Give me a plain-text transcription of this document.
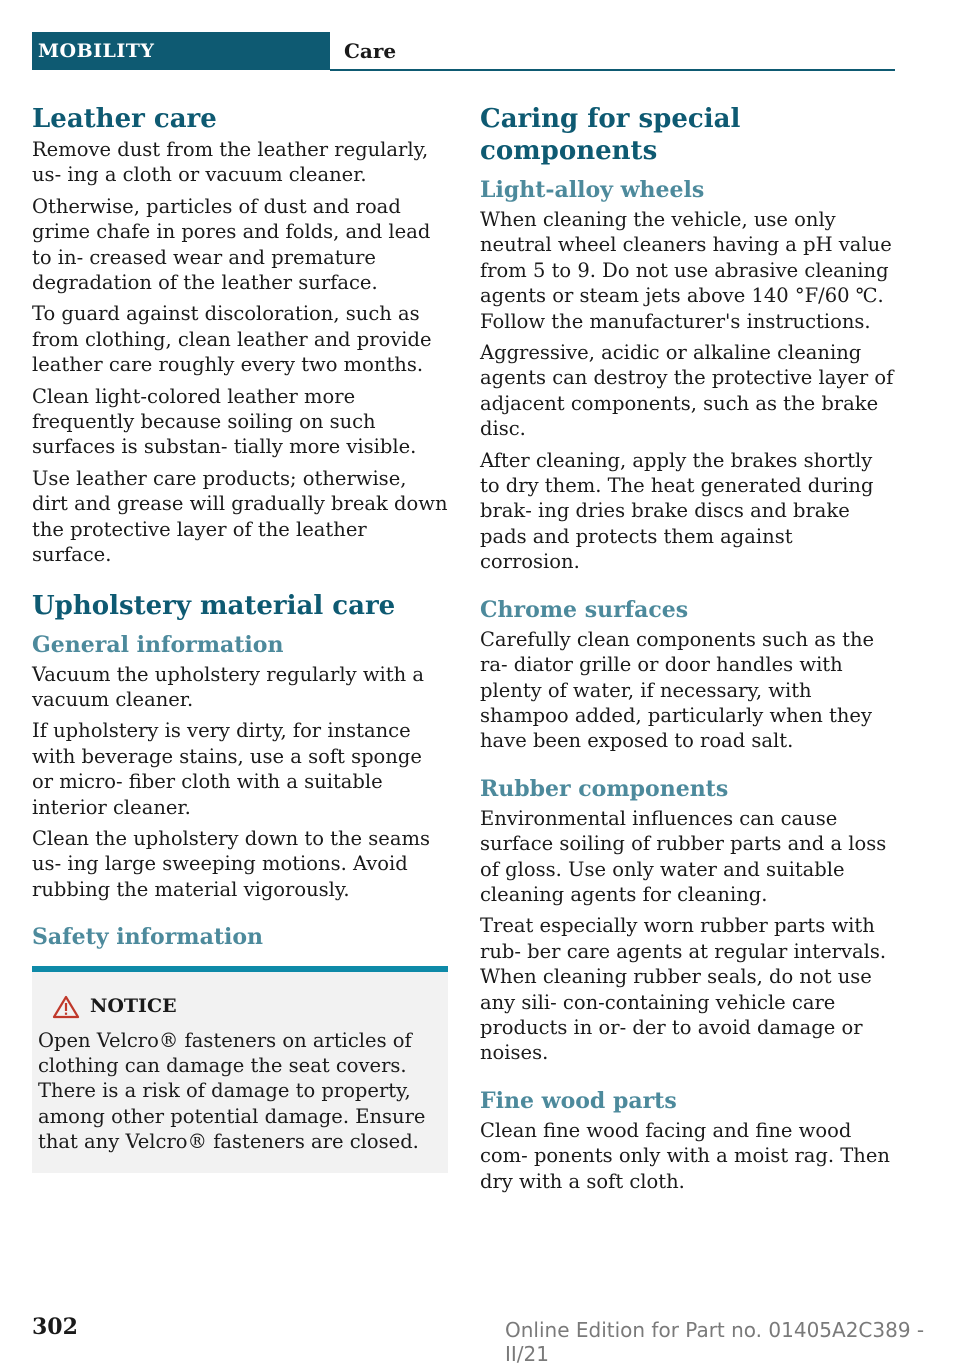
MOBILITY	Care
Leather care

Remove dust from the leather regularly, us‐ ing a cloth or vacuum cleaner.

Otherwise, particles of dust and road grime chafe in pores and folds, and lead to in‐ creased wear and premature degradation of the leather surface.

To guard against discoloration, such as from clothing, clean leather and provide leather care roughly every two months.

Clean light-colored leather more frequently because soiling on such surfaces is substan‐ tially more visible.

Use leather care products; otherwise, dirt and grease will gradually break down the protective layer of the leather surface.

Upholstery material care
General information

Vacuum the upholstery regularly with a vacuum cleaner.

If upholstery is very dirty, for instance with beverage stains, use a soft sponge or micro‐ fiber cloth with a suitable interior cleaner.

Clean the upholstery down to the seams us‐ ing large sweeping motions. Avoid rubbing the material vigorously.

Safety information
NOTICE

Open Velcro® fasteners on articles of clothing can damage the seat covers. There is a risk of damage to property, among other potential damage. Ensure that any Velcro® fasteners are closed.

Caring for special components
Light-alloy wheels

When cleaning the vehicle, use only neutral wheel cleaners having a pH value from 5 to 9. Do not use abrasive cleaning agents or steam jets above 140 °F/60 ℃. Follow the manufacturer's instructions.

Aggressive, acidic or alkaline cleaning agents can destroy the protective layer of adjacent components, such as the brake disc.

After cleaning, apply the brakes shortly to dry them. The heat generated during brak‐ ing dries brake discs and brake pads and protects them against corrosion.

Chrome surfaces

Carefully clean components such as the ra‐ diator grille or door handles with plenty of water, if necessary, with shampoo added, particularly when they have been exposed to road salt.

Rubber components

Environmental influences can cause surface soiling of rubber parts and a loss of gloss. Use only water and suitable cleaning agents for cleaning.

Treat especially worn rubber parts with rub‐ ber care agents at regular intervals. When cleaning rubber seals, do not use any sili‐ con-containing vehicle care products in or‐ der to avoid damage or noises.

Fine wood parts

Clean fine wood facing and fine wood com‐ ponents only with a moist rag. Then dry with a soft cloth.

302	Online Edition for Part no. 01405A2C389 - II/21
